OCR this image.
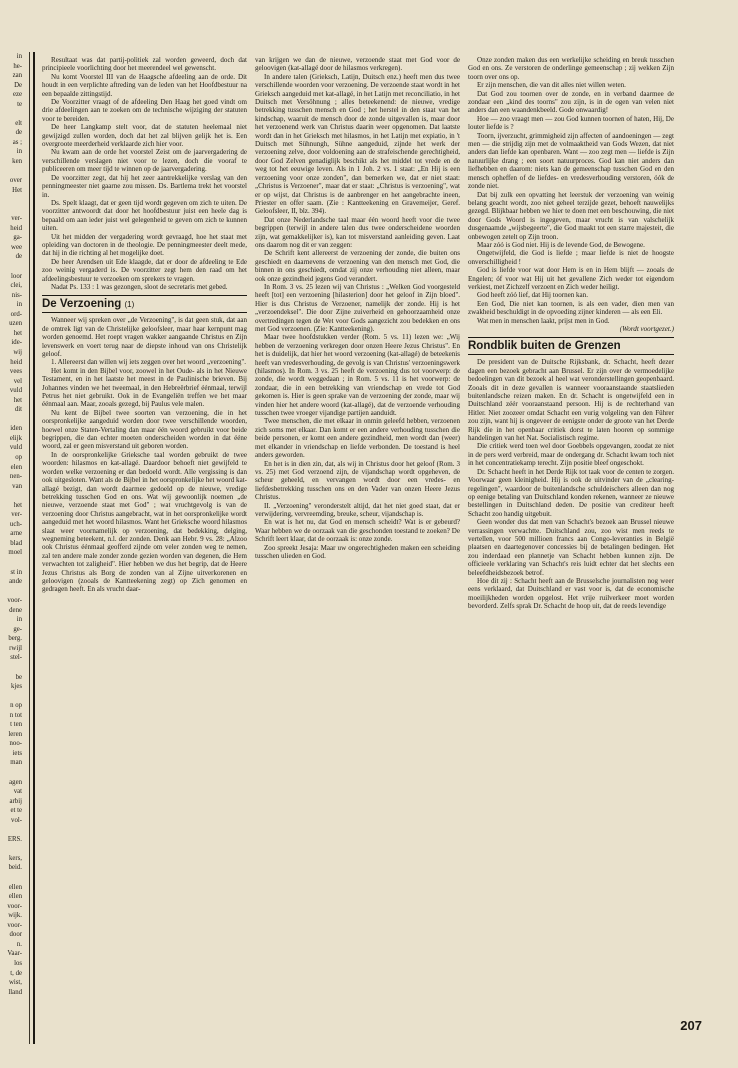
in
he-
zan
De
eze
te
elt
de
as ;
in
ken
over
Het
ver-
heid
ga-
wee
de
loor
clei,
nis-
in
ord-
uzen
het
ide-
wij
heid
vees
vel
vuld
het
dit
iden
elijk
vuld
op
elen
nen-
van
het
ver-
uch-
arne
blad
moel
st in
ande
voor-
dene
in
ge-
berg.
rwijl
stel-
be
kjes
n op
n tot
t ten
leren
noo-
iets
man
agen
vat
arbij
et te
vol-
ERS.
kers,
beid.
ellen
ellen
voor-
wijk.
voor-
door
n.
Vaar-
los
t, de
wist,
lland

Resultaat was dat partij-politiek zal worden geweerd, doch dat principieele voorlichting door het meerendeel wel gewenscht.

Nu komt Voorstel III van de Haagsche afdeeling aan de orde. Dit houdt in een verplichte aftreding van de leden van het Hoofdbestuur na een bepaalde zittingstijd.

De Voorzitter vraagt of de afdeeling Den Haag het goed vindt om drie afdeelingen aan te zoeken om de technische wijziging der statuten voor te bereiden.

De heer Langkamp stelt voor, dat de statuten heelemaal niet gewijzigd zullen worden, doch dat het zal blijven gelijk het is. Een overgroote meerderheid verklaarde zich hier voor.

Nu kwam aan de orde het voorstel Zeist om de jaarvergadering de verschillende verslagen niet voor te lezen, doch die vooraf te publiceeren om meer tijd te winnen op de jaarvergadering.

De voorzitter zegt, dat hij het zeer aantrekkelijke verslag van den penningmeester niet gaarne zou missen. Ds. Bartlema trekt het voorstel in.

Ds. Spelt klaagt, dat er geen tijd wordt gegeven om zich te uiten. De voorzitter antwoordt dat door het hoofdbestuur juist een heele dag is bepaald om aan ieder juist wel gelegenheid te geven om zich te kunnen uiten.

Uit het midden der vergadering wordt gevraagd, hoe het staat met opleiding van doctoren in de theologie. De penningmeester deelt mede, dat hij in die richting al het mogelijke doet.

De heer Arendsen uit Ede klaagde, dat er door de afdeeling te Ede zoo weinig vergaderd is. De voorzitter zegt hem den raad om het afdeelingsbestuur te verzoeken om sprekers te vragen.

Nadat Ps. 133 : 1 was gezongen, sloot de secretaris met gebed.

De Verzoening (1)

Wanneer wij spreken over „de Verzoening", is dat geen stuk, dat aan de omtrek ligt van de Christelijke geloofsleer, maar haar kernpunt mag worden genoemd. Het roept vragen wakker aangaande Christus en Zijn levenswerk en voert terug naar de diepste inhoud van ons Christelijk geloof.

1. Allereerst dan willen wij iets zeggen over het woord „verzoening".

Het komt in den Bijbel voor, zoowel in het Oude- als in het Nieuwe Testament, en in het laatste het meest in de Paulinische brieven. Bij Johannes vinden we het tweemaal, in den Hebreërbrief éénmaal, terwijl Petrus het niet gebruikt. Ook in de Evangeliën treffen we het maar éénmaal aan. Maar, zooals gezegd, bij Paulus vele malen.

Nu kent de Bijbel twee soorten van verzoening, die in het oorspronkelijke aangeduid worden door twee verschillende woorden, hoewel onze Staten-Vertaling dan maar één woord gebruikt voor beide begrippen, die dan echter moeten onderscheiden worden in dat ééne woord, zal er geen misverstand uit geboren worden.

In de oorspronkelijke Grieksche taal worden gebruikt de twee woorden: hilasmos en kat-allagé. Daardoor behoeft niet gewijfeld te worden welke verzoening er dan bedoeld wordt. Alle vergissing is dan ook uitgesloten. Want als de Bijbel in het oorspronkelijke het woord kat-allagé bezigt, dan wordt daarmee gedoeld op de nieuwe, vredige betrekking tusschen God en ons. Wat wij gewoonlijk noemen „de nieuwe, verzoende staat met God" ; wat vruchtgevolg is van de verzoening door Christus aangebracht, wat in het oorspronkelijke wordt aangeduid met het woord hilasmos. Want het Grieksche woord hilasmos slaat weer voornamelijk op verzoening, dat bedekking, delging, wegneming beteekent, n.l. der zonden. Denk aan Hebr. 9 vs. 28: „Alzoo ook Christus éénmaal geofferd zijnde om veler zonden weg te nemen, zal ten andere male zonder zonde gezien worden van degenen, die Hem verwachten tot zaligheid". Hier hebben we dus het begrip, dat de Heere Jezus Christus als Borg de zonden van al Zijne uitverkorenen en geloovigen (zooals de Kantteekening zegt) op Zich genomen en gedragen heeft. En als vrucht daar-

van krijgen we dan de nieuwe, verzoende staat met God voor de geloovigen (kat-allagé door de hilasmos verkregen).

In andere talen (Grieksch, Latijn, Duitsch enz.) heeft men dus twee verschillende woorden voor verzoening. De verzoende staat wordt in het Grieksch aangeduid met kat-allagé, in het Latijn met reconciliatio, in het Duitsch met Versöhnung ; alles beteekenend: de nieuwe, vredige betrekking tusschen mensch en God ; het herstel in den staat van het kindschap, waaruit de mensch door de zonde uitgevallen is, maar door het verzoenend werk van Christus daarin weer opgenomen. Dat laatste wordt dan in het Grieksch met hilasmos, in het Latijn met expiatio, in 't Duitsch met Sühnungh, Sühne aangeduid, zijnde het werk der verzoening zelve, door voldoening aan de strafeischende gerechtigheid, door God Zelven genadiglijk beschikt als het middel tot vrede en de weg tot het eeuwige leven. Als in 1 Joh. 2 vs. 1 staat: „En Hij is een verzoening voor onze zonden", dan bemerken we, dat er niet staat: „Christus is Verzoener", maar dat er staat: „Christus is verzoening", wat er op wijst, dat Christus is de aanbrenger en het aangebrachte ineen, Priester en offer saam. (Zie : Kantteekening en Gravemeijer, Geref. Geloofsleer, II, blz. 394).

Dat onze Nederlandsche taal maar één woord heeft voor die twee begrippen (terwijl in andere talen dus twee onderscheidene woorden zijn, wat gemakkelijker is), kan tot misverstand aanleiding geven. Laat ons daarom nog dit er van zeggen:

De Schrift kent allereerst de verzoening der zonde, die buiten ons geschiedt en daarnevens de verzoening van den mensch met God, die binnen in ons geschiedt, omdat zij onze verhouding niet alleen, maar ook onze gezindheid jegens God verandert.

In Rom. 3 vs. 25 lezen wij van Christus : „Welken God voorgesteld heeft [tot] een verzoening [hilasterion] door het geloof in Zijn bloed". Hier is dus Christus de Verzoener, namelijk der zonde. Hij is het „verzoendeksel". Die door Zijne zuiverheid en gehoorzaamheid onze overtredingen tegen de Wet voor Gods aangezicht zou bedekken en ons met God verzoenen. (Zie: Kantteekening).

Maar twee hoofdstukken verder (Rom. 5 vs. 11) lezen we: „Wij hebben de verzoening verkregen door onzen Heere Jezus Christus". En het is duidelijk, dat hier het woord verzoening (kat-allagé) de beteekenis heeft van vredesverhouding, de gevolg is van Christus' verzoeningswerk (hilasmos). In Rom. 3 vs. 25 heeft de verzoening dus tot voorwerp: de zonde, die wordt weggedaan ; in Rom. 5 vs. 11 is het voorwerp: de zondaar, die in een betrekking van vriendschap en vrede tot God gekomen is. Hier is geen sprake van de verzoening der zonde, maar wij vinden hier het andere woord (kat-allagé), dat de verzoende verhouding tusschen twee vroeger vijandige partijen aanduidt.

Twee menschen, die met elkaar in onmin geleefd hebben, verzoenen zich soms met elkaar. Dan komt er een andere verhouding tusschen die beide personen, er komt een andere gezindheid, men wordt dan (weer) met elkander in vriendschap en liefde verbonden. De toestand is heel anders geworden.

En het is in dien zin, dat, als wij in Christus door het geloof (Rom. 3 vs. 25) met God verzoend zijn, de vijandschap wordt opgeheven, de scheur geheeld, en vervangen wordt door een vredes- en liefdesbetrekking tusschen ons en den Vader van onzen Heere Jezus Christus.

II. „Verzoening" veronderstelt altijd, dat het niet goed staat, dat er verwijdering, vervreemding, breuke, scheur, vijandschap is.

En wat is het nu, dat God en mensch scheidt? Wat is er gebeurd? Waar hebben we de oorzaak van die geschonden toestand te zoeken? De Schrift leert klaar, dat de oorzaak is: onze zonde.

Zoo spreekt Jesaja: Maar uw ongerechtigheden maken een scheiding tusschen ulieden en God.

Onze zonden maken dus een werkelijke scheiding en breuk tusschen God en ons. Ze verstoren de onderlinge gemeenschap ; zij wekken Zijn toorn over ons op.

Er zijn menschen, die van dit alles niet willen weten.

Dat God zou toornen over de zonde, en in verband daarmee de zondaar een „kind des toorns" zou zijn, is in de ogen van velen niet anders dan een waandenkbeeld. Gode onwaardig!

Hoe — zoo vraagt men — zou God kunnen toornen of haten, Hij, De louter liefde is ?

Toorn, ijverzucht, grimmigheid zijn affecten of aandoeningen — zegt men — die strijdig zijn met de volmaaktheid van Gods Wezen, dat niet anders dan liefde kan openbaren. Want — zoo zegt men — liefde is Zijn natuurlijke drang ; een soort natuurproces. God kan niet anders dan liefhebben en daarom: niets kan de gemeenschap tusschen God en den mensch opheffen of de liefdes- en vredesverhouding verstoren, óók de zonde niet.

Dat bij zulk een opvatting het leerstuk der verzoening van weinig belang geacht wordt, zoo niet geheel terzijde gezet, behoeft nauwelijks gezegd. Blijkbaar hebben we hier te doen met een beschouwing, die niet door Gods Woord is ingegeven, maar vrucht is van valschelijk dusgenaamde „wijsbegeerte", die God maakt tot een starre majesteit, die onbewogen zetelt op Zijn troon.

Maar zóó is God niet. Hij is de levende God, de Bewogene.

Ongetwijfeld, die God is liefde ; maar liefde is niet de hoogste onverschilligheid !

God is liefde voor wat door Hem is en in Hem blijft — zooals de Engelen; óf voor wat Hij uit het gevallene Zich weder tot eigendom verkiest, met Zichzelf verzoent en Zich weder heiligt.

God heeft zóó lief, dat Hij toornen kan.

Een God, Die niet kan toornen, is als een vader, dien men van zwakheid beschuldigt in de opvoeding zijner kinderen — als een Eli.

Wat men in menschen laakt, prijst men in God.

(Wordt voortgezet.)

Rondblik buiten de Grenzen

De president van de Duitsche Rijksbank, dr. Schacht, heeft dezer dagen een bezoek gebracht aan Brussel. Er zijn over de vermoedelijke bedoelingen van dit bezoek al heel wat veronderstellingen geopenbaard. Zooals dit in deze gevallen is wanneer vooraanstaande staatslieden buitenlandsche reizen maken. En dr. Schacht is ongetwijfeld een in Duitschland zéér vooraanstaand persoon. Hij is de rechterhand van Hitler. Niet zoozeer omdat Schacht een vurig volgeling van den Führer zou zijn, want hij is ongeveer de eenigste onder de groote van het Derde Rijk die in het openbaar critiek dorst te laten hooren op sommige handelingen van het Nat. Socialistisch regime.

Die critiek werd toen wel door Goebbels opgevangen, zoodat ze niet in de pers werd verbreid, maar de ondergang dr. Schacht kwam toch niet in het concentratiekamp terecht. Zijn positie bleef ongeschokt.

Dr. Schacht heeft in het Derde Rijk tot taak voor de centen te zorgen. Voorwaar geen kleinigheid. Hij is ook de uitvinder van de „clearing-regelingen", waardoor de buitenlandsche schuldeischers alleen dan nog op eenige betaling van Duitschland konden rekenen, wanneer ze nieuwe bestellingen in Duitschland deden. De positie van crediteur heeft Schacht zoo handig uitgebuit.

Geen wonder dus dat men van Schacht's bezoek aan Brussel nieuwe verrassingen verwachtte. Duitschland zou, zoo wist men reeds te vertellen, voor 500 millioen francs aan Congo-leveranties in België plaatsen en daartegenover concessies bij de betalingen bedingen. Het zou inderdaad een plannetje van Schacht hebben kunnen zijn. De officieele verklaring van Schacht's reis luidt echter dat het slechts een beleefdheidsbezoek betrof.

Hoe dit zij : Schacht heeft aan de Brusselsche journalisten nog weer eens verklaard, dat Duitschland er vast voor is, dat de economische moeilijkheden worden opgelost. Het vrije ruilverkeer moet worden bevorderd. Zelfs sprak Dr. Schacht de hoop uit, dat de reeds levendige

207
